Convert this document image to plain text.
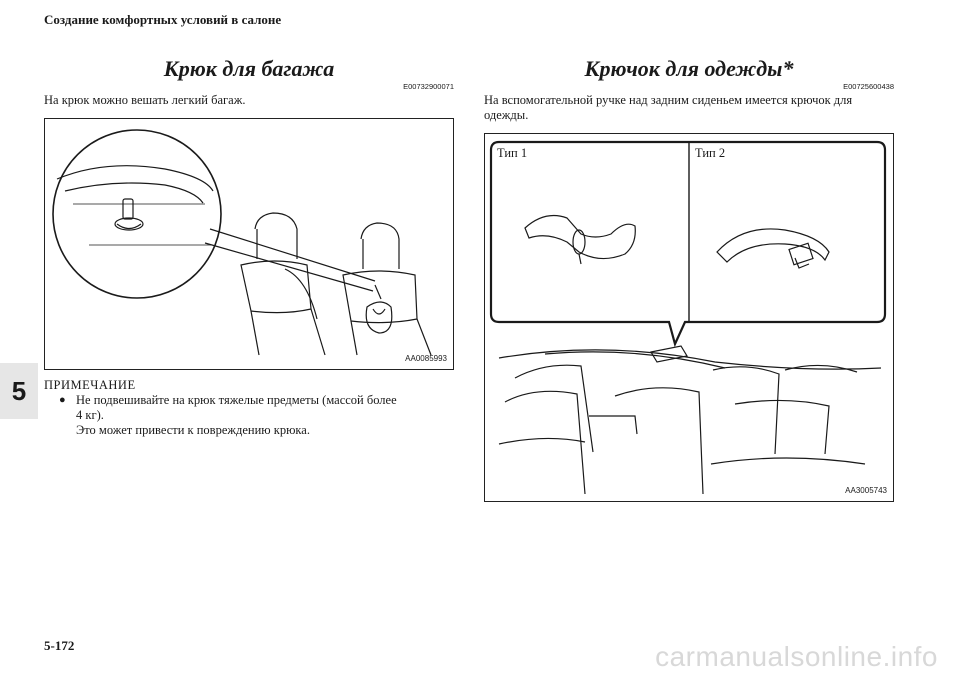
Создание комфортных условий в салоне
5
Крюк для багажа
E00732900071
На крюк можно вешать легкий багаж.
AA0085993
ПРИМЕЧАНИЕ
● Не подвешивайте на крюк тяжелые предметы (массой более
4 кг).
Это может привести к повреждению крюка.
Крючок для одежды*
E00725600438
На вспомогательной ручке над задним сиденьем имеется крючок для
одежды.
Тип 1	Тип 2
AA3005743
5-172	carmanualsonline.info
